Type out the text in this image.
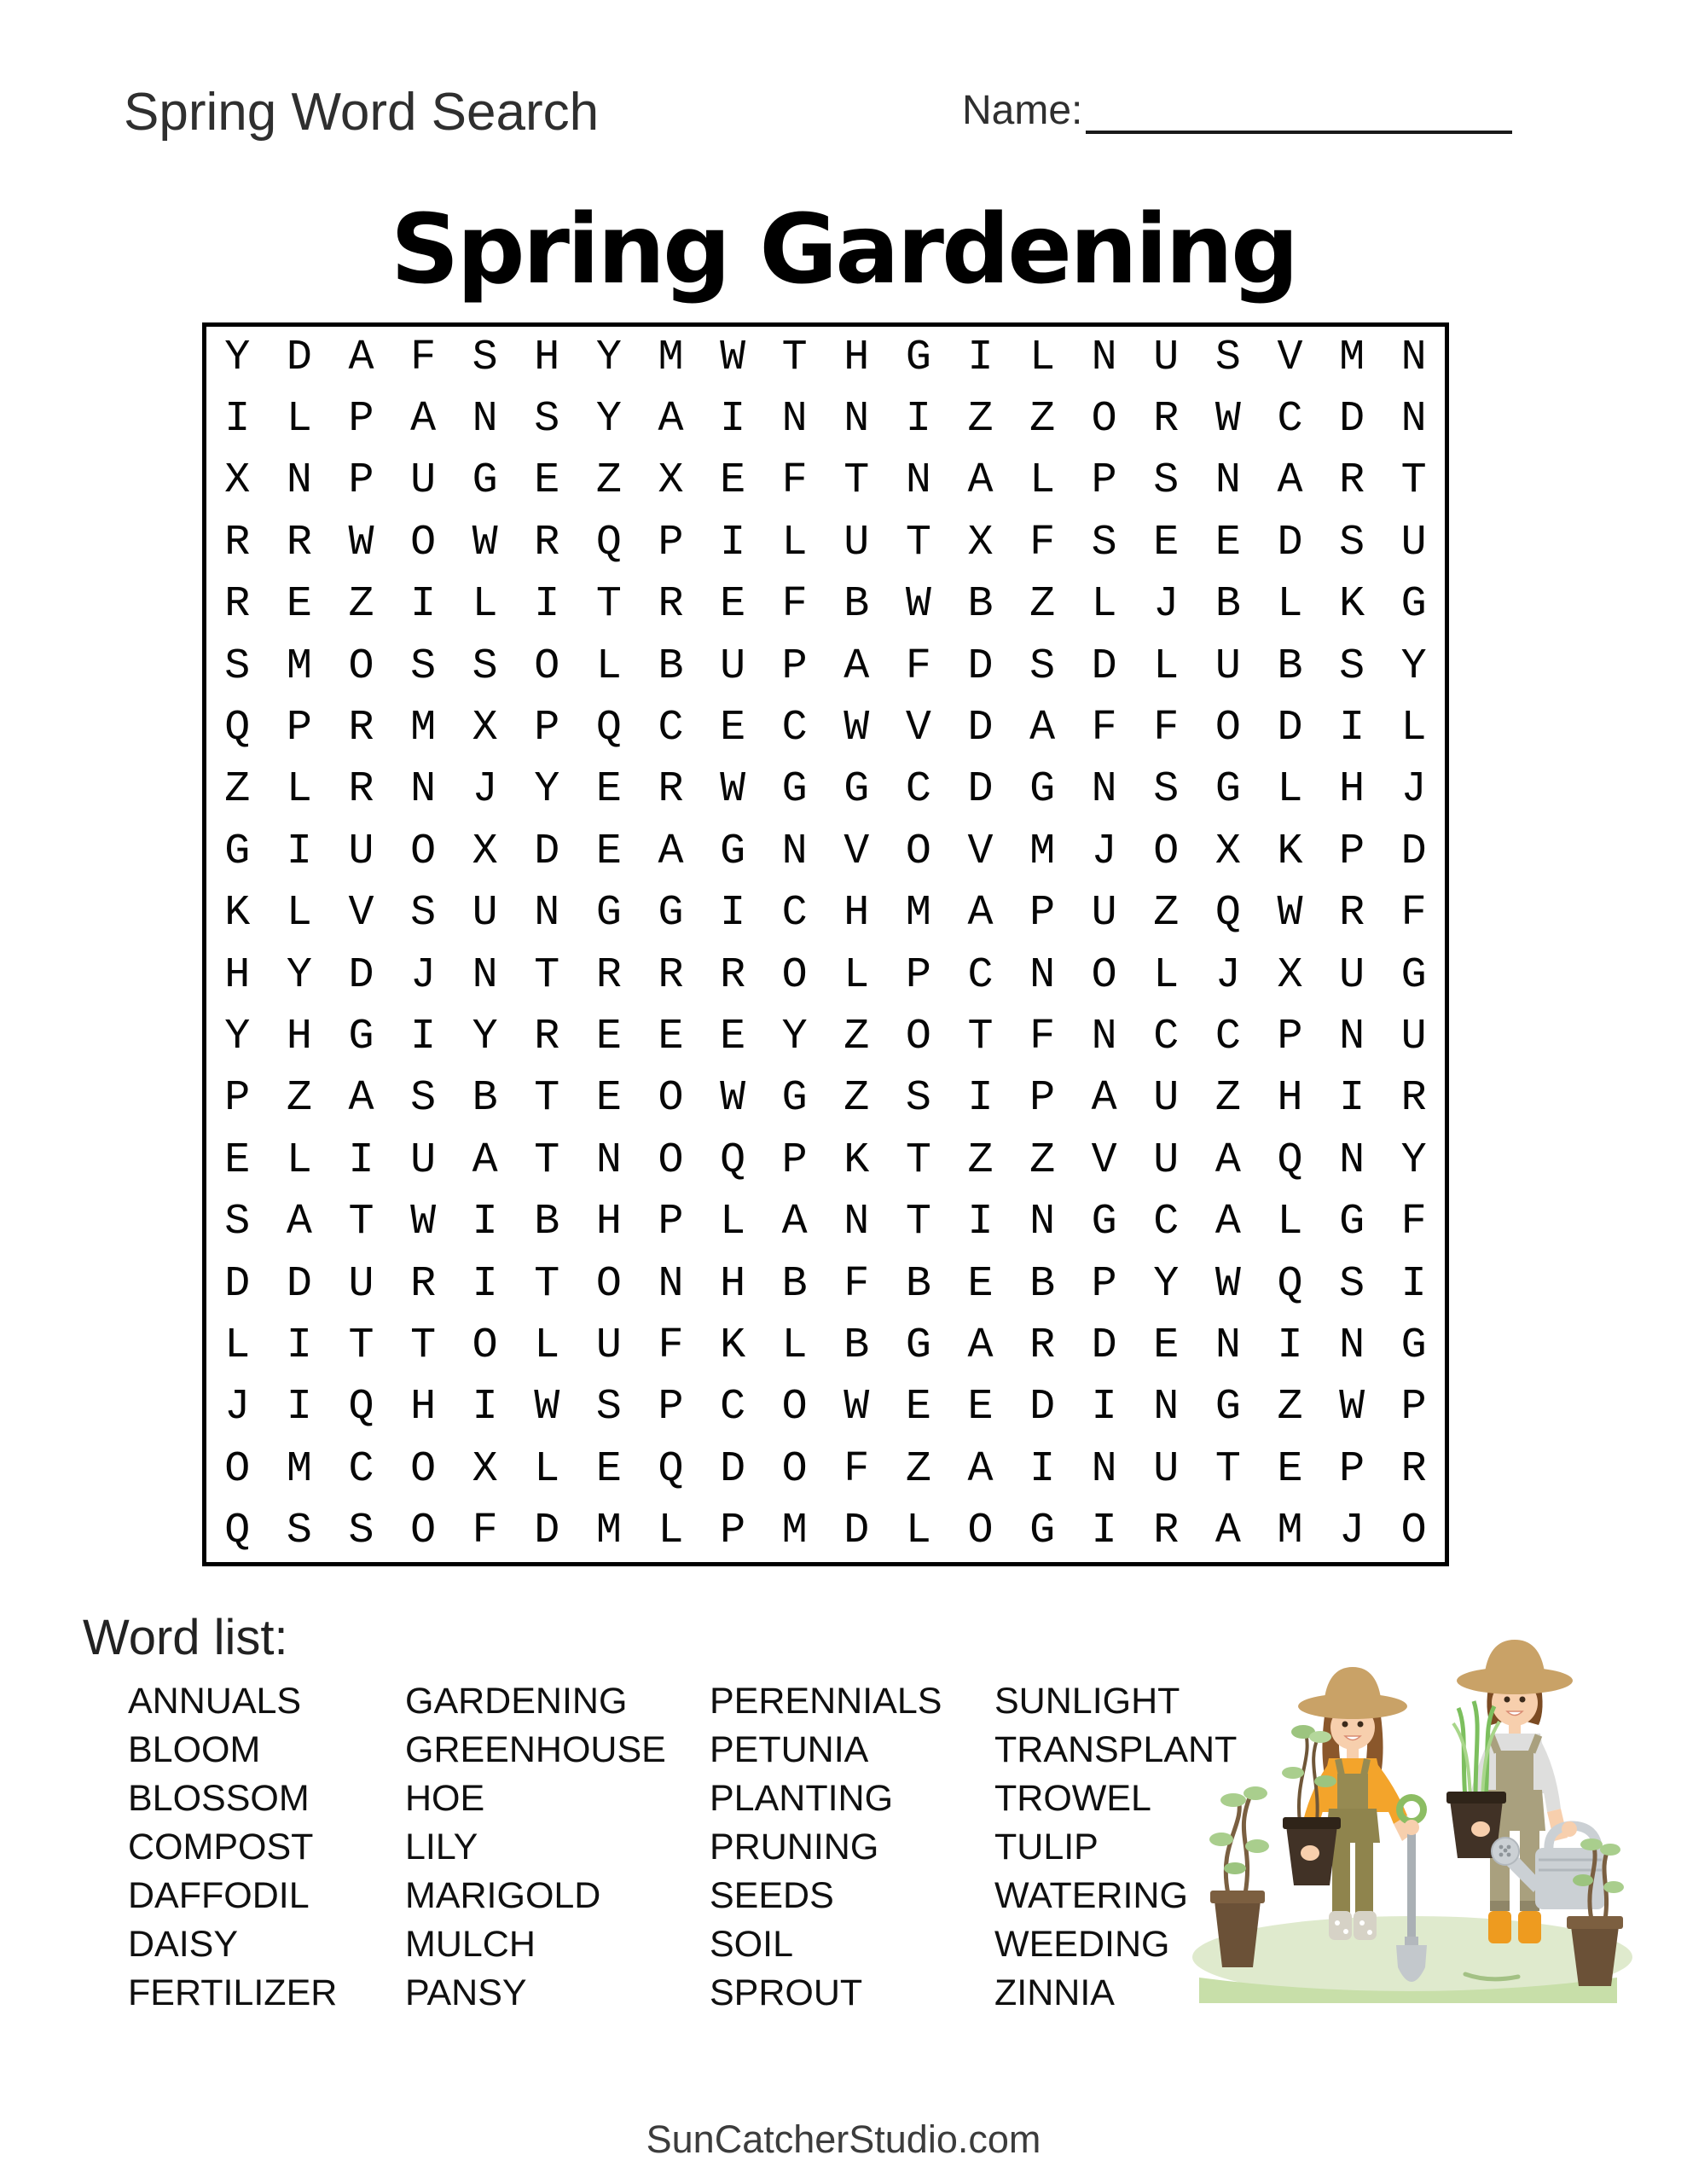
Spring Word Search	Name:
Spring Gardening
Y D A F S H Y M W T H G I L N U S V M N
I L P A N S Y A I N N I Z Z O R W C D N
X N P U G E Z X E F T N A L P S N A R T
R R W O W R Q P I L U T X F S E E D S U
R E Z I L I T R E F B W B Z L J B L K G
S M O S S O L B U P A F D S D L U B S Y
Q P R M X P Q C E C W V D A F F O D I L
Z L R N J Y E R W G G C D G N S G L H J
G I U O X D E A G N V O V M J O X K P D
K L V S U N G G I C H M A P U Z Q W R F
H Y D J N T R R R O L P C N O L J X U G
Y H G I Y R E E E Y Z O T F N C C P N U
P Z A S B T E O W G Z S I P A U Z H I R
E L I U A T N O Q P K T Z Z V U A Q N Y
S A T W I B H P L A N T I N G C A L G F
D D U R I T O N H B F B E B P Y W Q S I
L I T T O L U F K L B G A R D E N I N G
J I Q H I W S P C O W E E D I N G Z W P
O M C O X L E Q D O F Z A I N U T E P R
Q S S O F D M L P M D L O G I R A M J O
Word list:
ANNUALS
BLOOM
BLOSSOM
COMPOST
DAFFODIL
DAISY
FERTILIZER
GARDENING
GREENHOUSE
HOE
LILY
MARIGOLD
MULCH
PANSY
PERENNIALS
PETUNIA
PLANTING
PRUNING
SEEDS
SOIL
SPROUT
SUNLIGHT
TRANSPLANT
TROWEL
TULIP
WATERING
WEEDING
ZINNIA
SunCatcherStudio.com
